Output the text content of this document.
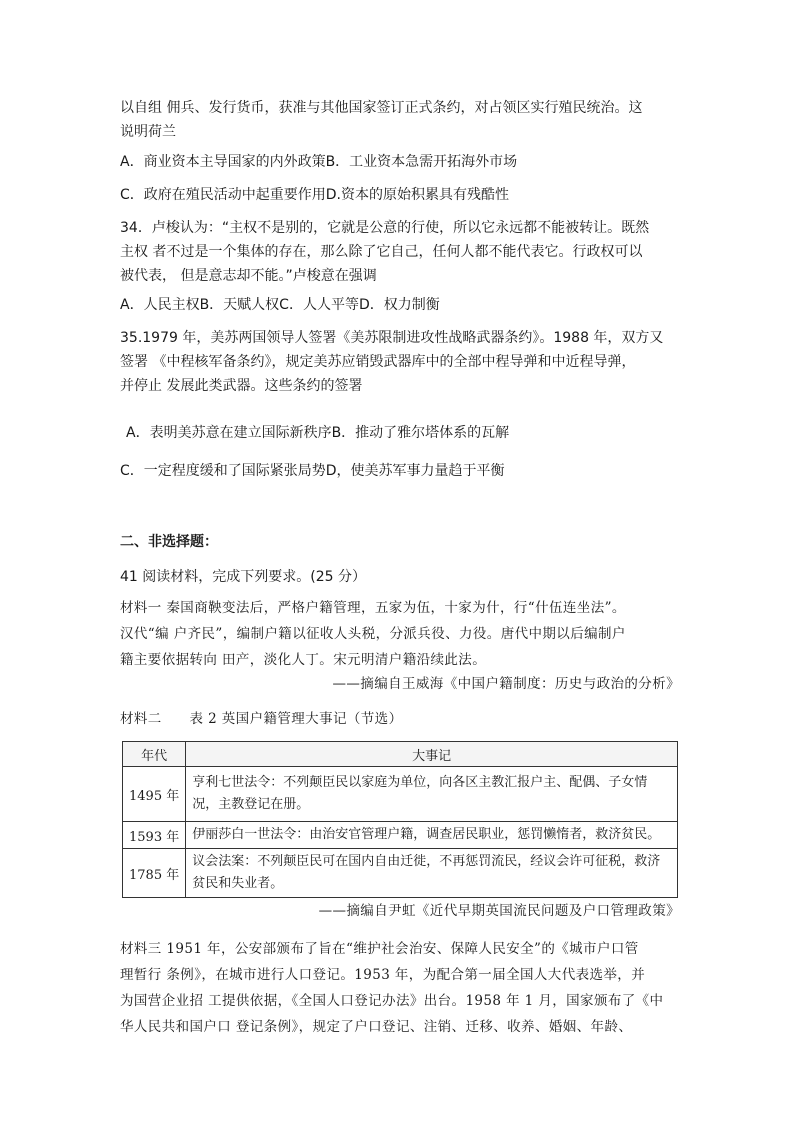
以自组 佣兵、发行货币，获准与其他国家签订正式条约，对占领区实行殖民统治。这
说明荷兰

A．商业资本主导国家的内外政策B．工业资本急需开拓海外市场

C．政府在殖民活动中起重要作用D.资本的原始积累具有残酷性

34．卢梭认为：“主权不是别的，它就是公意的行使，所以它永远都不能被转让。既然
主权 者不过是一个集体的存在，那么除了它自己，任何人都不能代表它。行政权可以
被代表， 但是意志却不能。”卢梭意在强调

A．人民主权B．天赋人权C．人人平等D．权力制衡

35.1979 年，美苏两国领导人签署《美苏限制进攻性战略武器条约》。1988 年，双方又
签署 《中程核军备条约》，规定美苏应销毁武器库中的全部中程导弹和中近程导弹，
并停止 发展此类武器。这些条约的签署

A．表明美苏意在建立国际新秩序B．推动了雅尔塔体系的瓦解

C．一定程度缓和了国际紧张局势D，使美苏军事力量趋于平衡

二、非选择题：

41 阅读材料，完成下列要求。(25 分）

材料一 秦国商鞅变法后，严格户籍管理，五家为伍，十家为什，行“什伍连坐法”。
汉代“编 户齐民”，编制户籍以征收人头税，分派兵役、力役。唐代中期以后编制户
籍主要依据转向 田产，淡化人丁。宋元明清户籍沿续此法。

——摘编自王威海《中国户籍制度：历史与政治的分析》

材料二　　表 2 英国户籍管理大事记（节选）

年代	大事记
1495 年	亨利七世法令：不列颠臣民以家庭为单位，向各区主教汇报户主、配偶、子女情况，主教登记在册。
1593 年	伊丽莎白一世法令：由治安官管理户籍，调查居民职业，惩罚懒惰者，救济贫民。
1785 年	议会法案：不列颠臣民可在国内自由迁徙，不再惩罚流民，经议会许可征税，救济贫民和失业者。

——摘编自尹虹《近代早期英国流民问题及户口管理政策》

材料三 1951 年，公安部颁布了旨在“维护社会治安、保障人民安全”的《城市户口管
理暂行 条例》，在城市进行人口登记。1953 年，为配合第一届全国人大代表选举，并
为国营企业招 工提供依据，《全国人口登记办法》出台。1958 年 1 月，国家颁布了《中
华人民共和国户口 登记条例》，规定了户口登记、注销、迁移、收养、婚姻、年龄、
